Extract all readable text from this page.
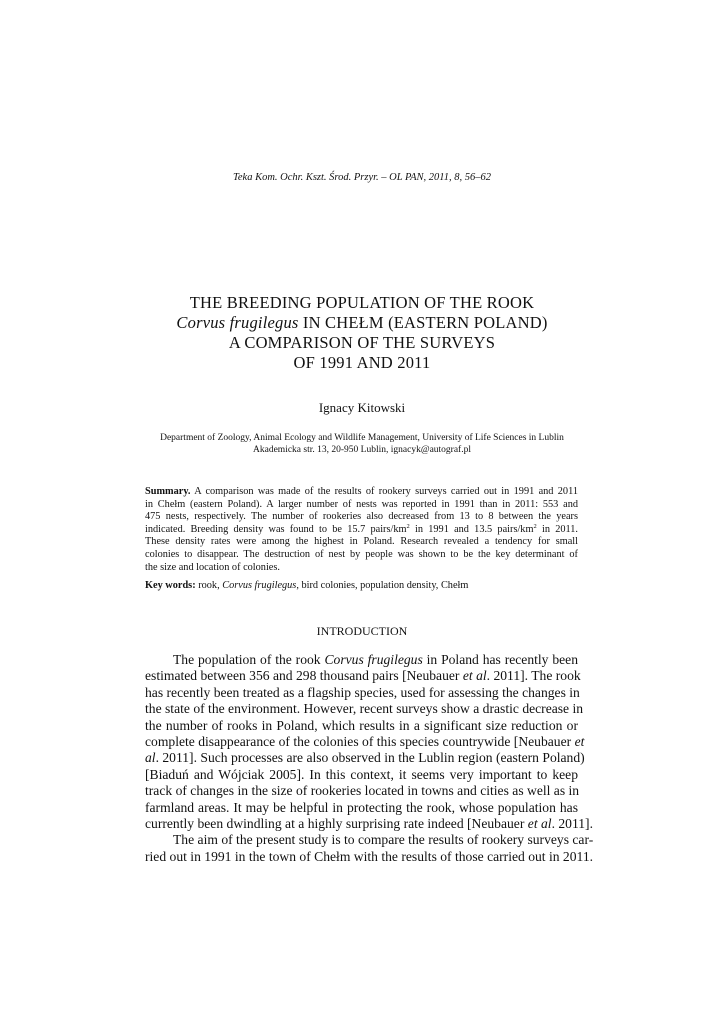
Teka Kom. Ochr. Kszt. Środ. Przyr. – OL PAN, 2011, 8, 56–62
THE BREEDING POPULATION OF THE ROOK
Corvus frugilegus IN CHEŁM (EASTERN POLAND)
A COMPARISON OF THE SURVEYS
OF 1991 AND 2011
Ignacy Kitowski
Department of Zoology, Animal Ecology and Wildlife Management, University of Life Sciences in Lublin
Akademicka str. 13, 20-950 Lublin, ignacyk@autograf.pl
Summary. A comparison was made of the results of rookery surveys carried out in 1991 and 2011
in Chełm (eastern Poland). A larger number of nests was reported in 1991 than in 2011: 553 and
475 nests, respectively. The number of rookeries also decreased from 13 to 8 between the years
indicated. Breeding density was found to be 15.7 pairs/$km^2$ in 1991 and 13.5 pairs/$km^2$ in 2011.
These density rates were among the highest in Poland. Research revealed a tendency for small
colonies to disappear. The destruction of nest by people was shown to be the key determinant of
the size and location of colonies.
Key words: rook, Corvus frugilegus, bird colonies, population density, Chełm
INTRODUCTION
The population of the rook Corvus frugilegus in Poland has recently been
estimated between 356 and 298 thousand pairs [Neubauer et al. 2011]. The rook
has recently been treated as a flagship species, used for assessing the changes in
the state of the environment. However, recent surveys show a drastic decrease in
the number of rooks in Poland, which results in a significant size reduction or
complete disappearance of the colonies of this species countrywide [Neubauer et
al. 2011]. Such processes are also observed in the Lublin region (eastern Poland)
[Biaduń and Wójciak 2005]. In this context, it seems very important to keep
track of changes in the size of rookeries located in towns and cities as well as in
farmland areas. It may be helpful in protecting the rook, whose population has
currently been dwindling at a highly surprising rate indeed [Neubauer et al. 2011].
The aim of the present study is to compare the results of rookery surveys car-
ried out in 1991 in the town of Chełm with the results of those carried out in 2011.
